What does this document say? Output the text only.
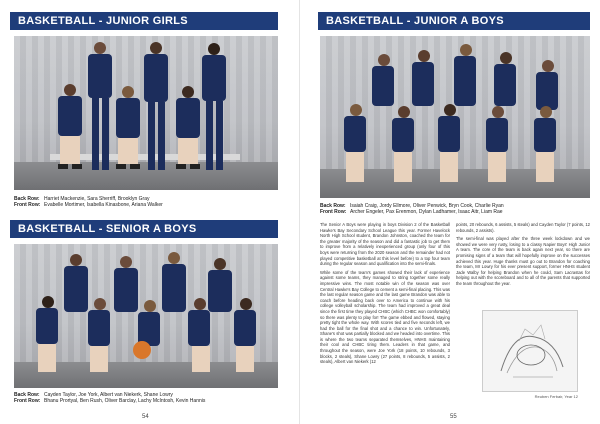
BASKETBALL - JUNIOR GIRLS
Back Row: Harriet Mackenzie, Sara Sherriff, Brooklyn Gray
Front Row: Evabelle Mortimer, Isabella Kinasbone, Ariana Walker
BASKETBALL - SENIOR A BOYS
Back Row: Cayden Taylor, Joe York, Albert van Niekerk, Shane Lowry
Front Row: Bhanu Prortyal, Ben Rush, Oliver Barclay, Lachy McIntosh, Kevin Hannis
54
BASKETBALL - JUNIOR A BOYS
Back Row: Isaiah Craig, Jordy Ellmore, Oliver Penwick, Bryn Cook, Charlie Ryan
Front Row: Archer Engeler, Pax Erenmon, Dylan Ladhamer, Isaac Aitr, Liam Rae

The Senior A Boys were playing in boys Division 2 of the Basketball Hawke's Bay Secondary School League this year. Former Havelock North High School student, Brandon Johnston, coached the team for the greater majority of the season and did a fantastic job to get them to improve from a relatively inexperienced group (only four of this boys were returning from the 2020 season and the remainder had not played competitive basketball at this level before) to a top four team during the regular season and qualification into the semi-finals.

While some of the team's games showed their lack of experience against some teams, they managed to string together some really impressive wins. The most notable win of the season was over Central Hawke's Bay College to cement a semi-final placing. This was the last regular season game and the last game Brandon was able to coach before heading back over to America to continue with his college volleyball scholarship. The team had improved a great deal since the first time they played CHBC (which CHBC won comfortably) so there was plenty to play for! The game ebbed and flowed, staying pretty tight the whole way. With scores tied and five seconds left, we had the ball for the final shot and a chance to win. Unfortunately, Shane's shot was partially blocked and we headed into overtime. This is where the two teams separated themselves, HNHS maintaining their cool and CHBC tiring them. Leaders in that game, and throughout the season, were Joe York (18 points, 10 rebounds, 3 blocks, 2 steals), Shane Lowry (27 points, 8 rebounds, 5 assists, 2 steals), Albert van Niekerk (12

points, 20 rebounds, 6 assists, 5 steals) and Cayden Taylor (7 points, 12 rebounds, 2 assists).

The semi-final was played after the three week lockdown and we showed we were very rusty, losing to a classy Napier Boys' High Junior A team. The core of the team is back again next year, so there are promising signs of a team that will hopefully improve on the successes achieved this year. Huge thanks must go out to Brandon for coaching the team, Mr Lowry for his ever present support, former HNHS student Jade Walby for helping Brandon when he could, Sam Lacrastas for helping out with the scoreboard and to all of the parents that supported the team throughout the year.

Reuben Ferbair, Year 12
55
